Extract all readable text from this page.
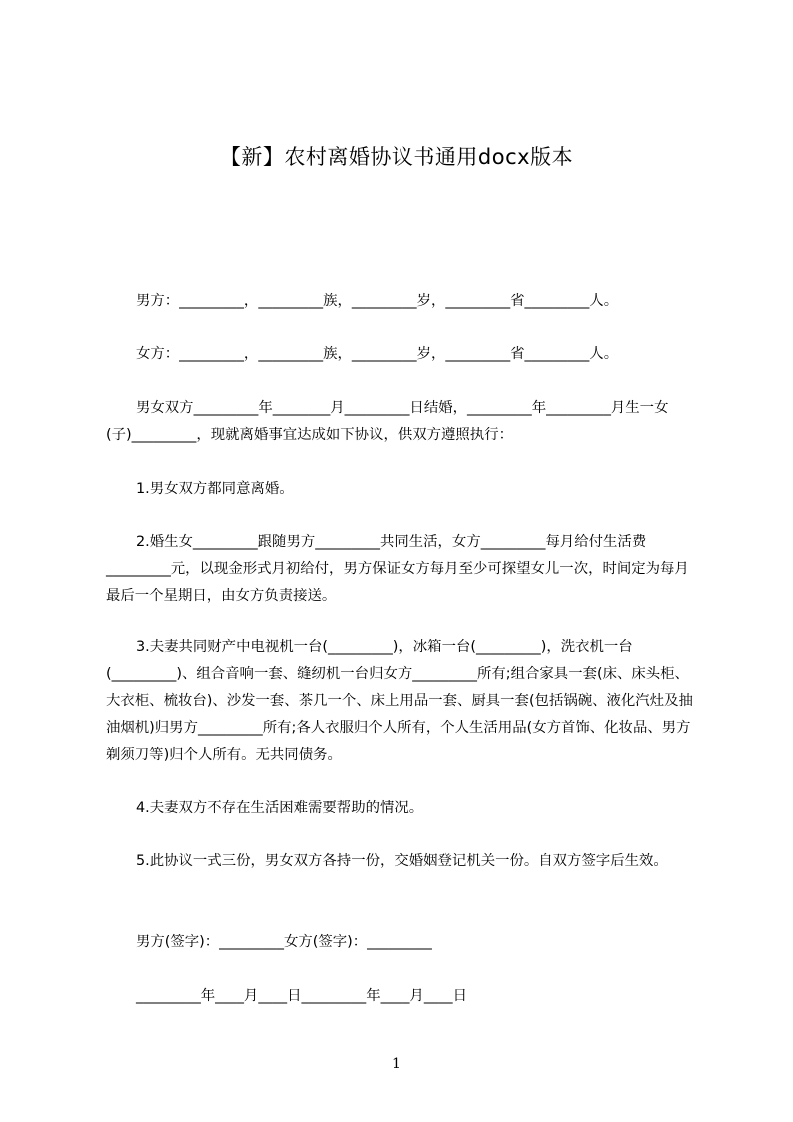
【新】农村离婚协议书通用docx版本
男方：_________，_________族，_________岁，_________省_________人。
女方：_________，_________族，_________岁，_________省_________人。
男女双方_________年________月_________日结婚，_________年_________月生一女(子)_________，现就离婚事宜达成如下协议，供双方遵照执行：
1.男女双方都同意离婚。
2.婚生女_________跟随男方_________共同生活，女方_________每月给付生活费_________元，以现金形式月初给付，男方保证女方每月至少可探望女儿一次，时间定为每月最后一个星期日，由女方负责接送。
3.夫妻共同财产中电视机一台(_________)，冰箱一台(_________)，洗衣机一台(_________)、组合音响一套、缝纫机一台归女方_________所有;组合家具一套(床、床头柜、大衣柜、梳妆台)、沙发一套、茶几一个、床上用品一套、厨具一套(包括锅碗、液化汽灶及抽油烟机)归男方_________所有;各人衣服归个人所有，个人生活用品(女方首饰、化妆品、男方剃须刀等)归个人所有。无共同债务。
4.夫妻双方不存在生活困难需要帮助的情况。
5.此协议一式三份，男女双方各持一份，交婚姻登记机关一份。自双方签字后生效。
男方(签字)：_________女方(签字)：_________
_________年____月____日_________年____月____日
1
